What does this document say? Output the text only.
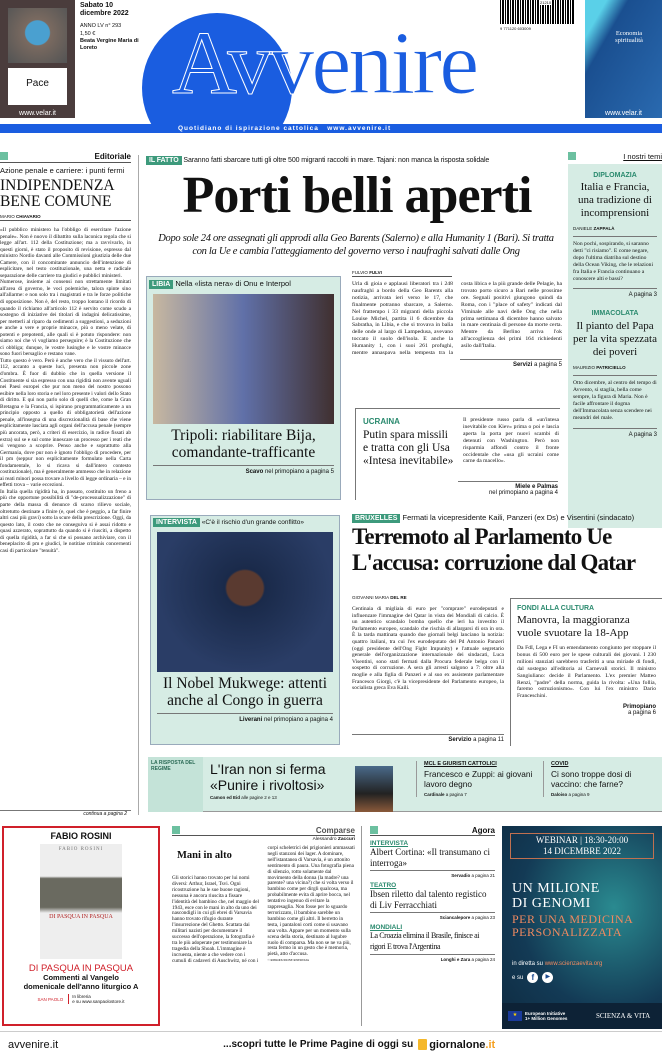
Pace
www.velar.it
Sabato 10 dicembre 2022
ANNO LV n° 293
1,50 €
Beata Vergine Maria di Loreto Avvenire
21210
9 771120 603009
Economia spiritualità
www.velar.it
Quotidiano di ispirazione cattolica www.avvenire.it
Editoriale
Azione penale e carriere: i punti fermi
INDIPENDENZA BENE COMUNE
MARIO CHIAVARIO

«Il pubblico ministero ha l'obbligo di esercitare l'azione penale». Non è nuovo il dibattito sulla laconica regola che si legge all'art. 112 della Costituzione; ma a ravvivarlo, in questi giorni, è stato il proposito di revisione, espresso dal ministro Nordio davanti alle Commissioni giustizia delle due Camere, con il concomitante annuncio dell'intenzione di esplicitare, nel testo costituzionale, una netta e radicale separazione delle carriere tra giudici e pubblici ministeri.

Numerose, insieme ai consensi non strettamente limitati all'area di governo, le voci polemiche, talora spinte sino all'allarme: e non solo tra i magistrati e tra le forze politiche di opposizione. Non è, del resto, troppo lontano il ricordo di quando il richiamo all'articolo 112 è servito come scudo a sostegno di iniziative dei titolari di indagini delicatissime, per metterli al riparo da cedimenti a suggestioni, a seduzioni e anche a vere e proprie minacce, più o meno velate, di potenti e prepotenti, alle quali si è potuto rispondere: non siamo noi che vi vogliamo perseguire; è la Costituzione che ci obbliga; dunque, le vostre lusinghe e le vostre minacce sono fuori bersaglio e restano vane.

Tutto questo è vero. Però è anche vero che il vissuto dell'art. 112, accanto a queste luci, presenta non piccole zone d'ombra. È fuor di dubbio che in quella versione il Costituente si sia espresso con una rigidità non avente uguali nei Paesi europei che pur non meno del nostro possono esibire nella loro storia e nel loro presente i valori dello Stato di diritto. E qui non parlo solo di quelli che, come la Gran Bretagna e la Francia, si ispirano programmaticamente a un principio opposto a quello di obbligatorietà dell'azione penale, all'insegna di una discrezionalità di base che viene esplicitamente lasciata agli organi dell'accusa penale (sempre più ancorata, però, a criteri di esercizio, in radice fissati ab extra) sul se e sul come innescare un processo per i reati che si vengono a scoprire. Penso anche e soprattutto alla Germania, dove pur non è ignoto l'obbligo di procedere, per il pm (seppur non esplicitamente formulato nella Carta fondamentale, lo si ricava si dall'intero contesto costituzionale), ma è generalmente ammesso che in relazione ai reati minori possa trovare a livello di legge ordinaria – e in effetti trova – varie eccezioni.

In Italia quella rigidità ha, in passato, costituito un freno a più che opportune possibilità di "de-processualizzazione" di parte della massa di denunce di scarso rilievo sociale, oltretutto destinate a finire (e, quel che è peggio, a far finire altri casi più gravi) sotto la scure della prescrizione. Oggi, da questo lato, il costo che ne conseguiva si è assai ridotto e quasi azzerato, soprattutto da quando si è riusciti, a dispetto di quella rigidità, a far sì che si possano archiviare, con il beneplacito di pm e giudici, le notitiae criminis concernenti casi di particolare "tenuità".

continua a pagina 2
IL FATTO Saranno fatti sbarcare tutti gli oltre 500 migranti raccolti in mare. Tajani: non manca la risposta solidale
Porti belli aperti
Dopo sole 24 ore assegnati gli approdi alla Geo Barents (Salerno) e alla Humanity 1 (Bari). Si tratta con la Ue e cambia l'atteggiamento del governo verso i naufraghi salvati dalle Ong
LIBIA Nella «lista nera» di Onu e Interpol
Tripoli: riabilitare Bija, comandante-trafficante
Scavo nel primopiano a pagina 5
FULVIO FULVI
Urla di gioia e applausi liberatori tra i 248 naufraghi a bordo della Geo Barents alla notizia, arrivata ieri verso le 17, che finalmente potranno sbarcare, a Salerno. Nel frattempo i 33 migranti della piccola Louise Michel, partita il 6 dicembre da Sabratha, in Libia, e che si trovava in balìa delle onde al largo di Lampedusa, avevano toccato il suolo dell'isola. E anche la Humanity 1, con i suoi 261 profughi, mentre annaspava nella tempesta tra la costa libica e la più grande delle Pelagie, ha trovato porto sicuro a Bari nelle prossime ore. Segnali positivi giungono quindi da Roma, con i "place of safety" indicati dal Viminale alle navi delle Ong che nella prima settimana di dicembre hanno salvato in mare centinaia di persone da morte certa. Mentre da Berlino arriva l'ok all'accoglienza dei primi 164 richiedenti asilo dall'Italia.
Servizi a pagina 5
UCRAINA
Putin spara missili e tratta con gli Usa «Intesa inevitabile»
Il presidente russo parla di «un'intesa inevitabile con Kiev» prima o poi e lascia aperta la porta per nuovi scambi di detenuti con Washington. Però non risparmia affondi contro il fronte occidentale che «usa gli ucraini come carne da macello».
Miele e Palmas
nel primopiano a pagina 4
I nostri temi
DIPLOMAZIA
Italia e Francia, una tradizione di incomprensioni
DANIELE ZAPPALÀ
Non pochi, sospirando, si saranno detti "ci risiamo". E come negare, dopo l'ultima diatriba sul destino della Ocean Viking, che le relazioni fra Italia e Francia continuano a conoscere alti e bassi?
A pagina 3
IMMACOLATA
Il pianto del Papa per la vita spezzata dei poveri
MAURIZIO PATRICIELLO
Otto dicembre, al centro del tempo di Avvento, si staglia, bella come sempre, la figura di Maria. Non è facile affrontare il dogma dell'Immacolata senza scendere nei meandri del male.
A pagina 3
INTERVISTA «C'è il rischio d'un grande conflitto»
Il Nobel Mukwege: attenti anche al Congo in guerra
Liverani nel primopiano a pagina 4
BRUXELLES Fermati la vicepresidente Kaili, Panzeri (ex Ds) e Visentini (sindacato)
Terremoto al Parlamento Ue
L'accusa: corruzione dal Qatar
GIOVANNI MARIA DEL RE
Centinaia di migliaia di euro per "comprare" eurodeputati e influenzare l'immagine del Qatar in vista dei Mondiali di calcio. È un autentico scandalo bomba quello che ieri ha investito il Parlamento europeo, scandalo che rischia di allargarsi di ora in ora. È la tarda mattinata quando due giornali belgi lanciano la notizia: quattro italiani, tra cui l'ex eurodeputato del Pd Antonio Panzeri (oggi presidente dell'Ong Fight Impunity) e l'attuale segretario generale dell'organizzazione internazionale dei sindacati, Luca Visentini, sono stati fermati dalla Procura federale belga con il sospetto di corruzione. A sera gli arresti salgono a 7: oltre alla moglie e alla figlia di Panzeri e al suo ex assistente parlamentare Francesco Giorgi, c'è la vicepresidente del Parlamento europeo, la socialista greca Eva Kaili.
Servizio a pagina 11
FONDI ALLA CULTURA
Manovra, la maggioranza vuole svuotare la 18-App
Da FdI, Lega e FI un emendamento congiunto per stoppare il bonus di 500 euro per le spese culturali dei giovani. I 230 milioni stanziati sarebbero trasferiti a una miriade di fondi, dal sostegno all'editoria ai Carnevali storici. Il ministro Sangiuliano: decide il Parlamento. L'ex premier Matteo Renzi, "padre" della norma, guida la rivolta: «Una follia, faremo ostruzionismo». Con lui l'ex ministro Dario Franceschini.
Primopiano
a pagina 6
LA RISPOSTA DEL REGIME	L'Iran non si ferma «Punire i rivoltosi»
Camon ed Eid alle pagine 2 e 13
MCL E GIURISTI CATTOLICI
Francesco e Zuppi: ai giovani lavoro degno
Cardinale a pagina 7
COVID
Ci sono troppe dosi di vaccino: che farne?
Daloiso a pagina 9
FABIO ROSINI
FABIO ROSINI
DI PASQUA IN PASQUA
DI PASQUA IN PASQUA
Commenti al Vangelo
domenicale dell'anno liturgico A
SAN PAOLO In libreria
e su www.sanpaolostore.it
Comparse
Alessandro Zaccuri
Mani in alto
Gli storici hanno trovato per lui nomi diversi: Arthur, Israel, Tsvi. Ogni ricostruzione ha le sue buone ragioni, nessuna è ancora riuscita a fissare l'identità del bambino che, nel maggio del 1943, esce con le mani in alto da uno dei nascondigli in cui gli ebrei di Varsavia hanno trovato rifugio durante l'insurrezione del Ghetto. Scattata dai militari nazisti per documentare il successo dell'operazione, la fotografia è tra le più adoperate per testimoniare la tragedia della Shoah. L'immagine è incruenta, niente a che vedere con i cumuli di cadaveri di Auschwitz, né con i corpi scheletrici dei prigionieri ammassati negli stanzoni dei lager. A dominare, nell'istantanea di Varsavia, è un attonito sentimento di paura. Una fotografia piena di silenzio, rotto solamente dal movimento della donna (la madre? una parente? una vicina?) che si volta verso il bambino come per dirgli qualcosa, ma probabilmente evita di aprire bocca, nel tentativo ingenuo di evitare la rappresaglia. Non fosse per lo sguardo terrorizzato, il bambino sarebbe un bambino come gli altri. Il berretto in testa, i pantaloni corti come si usavano una volta. Appare per un momento sulla scena della storia, destinato al lugubre ruolo di comparsa. Ma non se ne va più, resta fermo in un gesto che è memoria, pietà, atto d'accusa.
© RIPRODUZIONE RISERVATA
Agora
INTERVISTA
Albert Cortina: «Il transumano ci interroga»
Servadio a pagina 21
TEATRO
Ibsen riletto dal talento registico di Liv Ferracchiati
Sciancalepore a pagina 23
MONDIALI
La Croazia elimina il Brasile, finisce ai rigori E trova l'Argentina
Longhi e Zara a pagina 24
WEBINAR | 18:30-20:00
14 DICEMBRE 2022
UN MILIONE
DI GENOMI
PER UNA MEDICINA
PERSONALIZZATA
in diretta su www.scienzaevita.org
e su	f	▶
★	European Initiative
1+ Million Genomes	SCIENZA & VITA
avvenire.it	...scopri tutte le Prime Pagine di oggi su giornalone.it
